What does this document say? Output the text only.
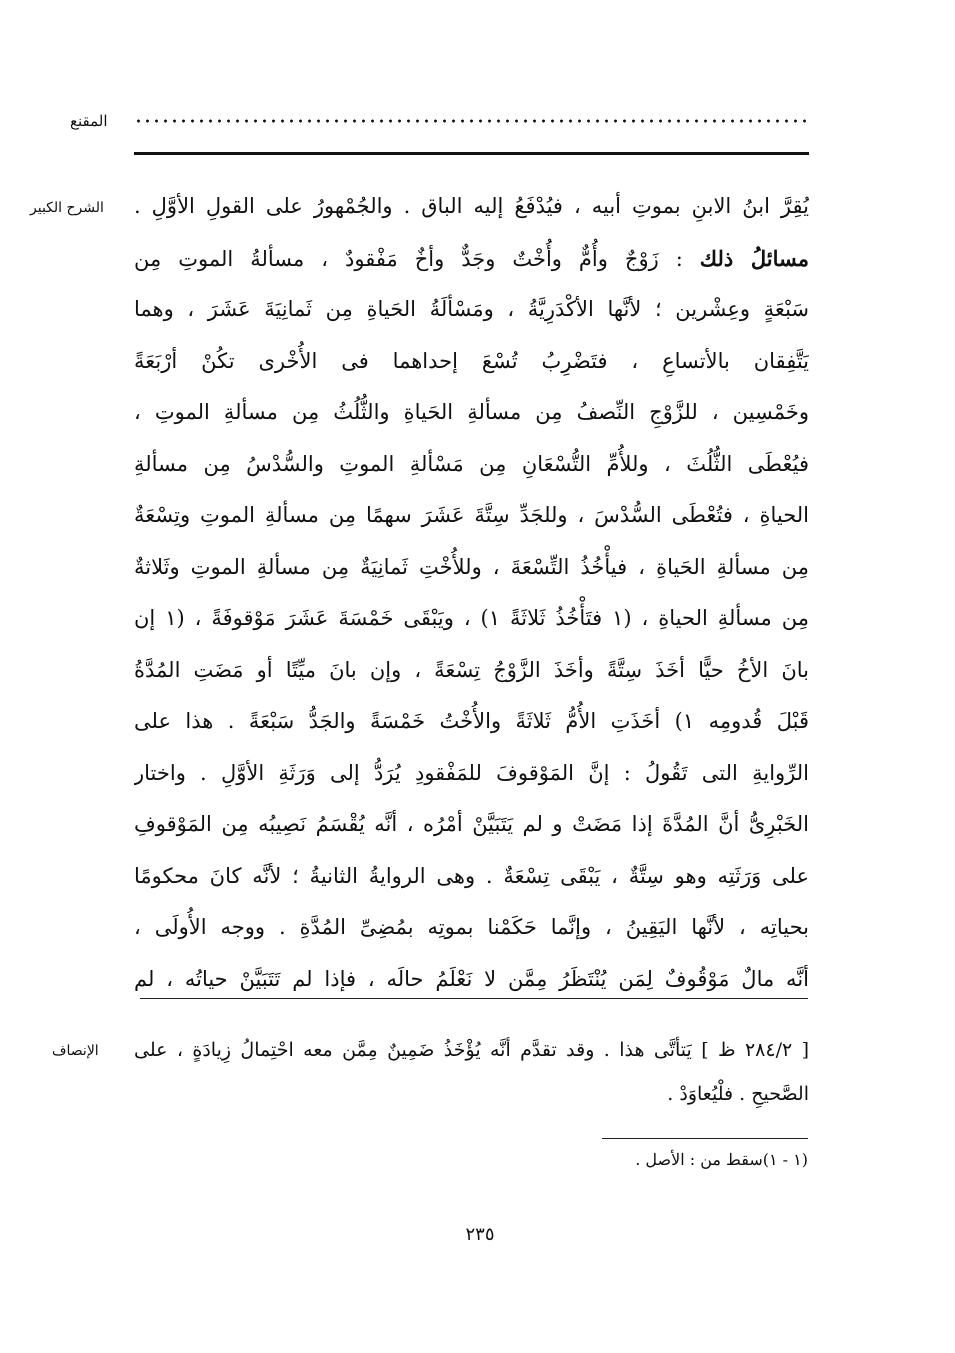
المقنع
الشرح الكبير يُقِرَّ ابنُ الابنِ بموتِ أبيه ، فيُدْفَعُ إليه الباق . والجُمْهورُ على القولِ الأوَّلِ .
مسائلُ ذلك : زَوْجٌ وأُمٌّ وأُخْتٌ وجَدٌّ وأخٌ مَفْقودٌ ، مسألةُ الموتِ مِن
سَبْعَةٍ وعِشْرين ؛ لأنَّها الأكْدَرِيَّةُ ، ومَسْألَةُ الحَياةِ مِن ثَمانِيَةَ عَشَرَ ، وهما
يَتَّفِقان بالأتساعِ ، فتَضْرِبُ تُسْعَ إحداهما فى الأُخْرى تكُنْ أرْبَعَةً
وخَمْسِين ، للزَّوْجِ النِّصفُ مِن مسألةِ الحَياةِ والثُّلُثُ مِن مسألةِ الموتِ ،
فيُعْطَى الثُّلُثَ ، وللأُمِّ التُّسْعَانِ مِن مَسْألةِ الموتِ والسُّدْسُ مِن مسألةِ
الحياةِ ، فتُعْطَى السُّدْسَ ، وللجَدِّ سِتَّةَ عَشَرَ سهمًا مِن مسألةِ الموتِ وتِسْعَةٌ
مِن مسألةِ الحَياةِ ، فيأْخُذُ التِّسْعَةَ ، وللأُخْتِ ثَمانِيَةٌ مِن مسألةِ الموتِ وثَلاثةٌ
مِن مسألةِ الحياةِ ، (١ فتَأْخُذُ ثَلاثَةً ١) ، ويَبْقَى خَمْسَةَ عَشَرَ مَوْقوفَةً ، (١ إن
بانَ الأخُ حيًّا أخَذَ سِتَّةً وأخَذَ الزَّوْجُ تِسْعَةً ، وإن بانَ ميِّتًا أو مَضَتِ المُدَّةُ
قَبْلَ قُدومِه ١) أخَذَتِ الأُمُّ ثَلاثَةً والأُخْتُ خَمْسَةً والجَدُّ سَبْعَةً . هذا على
الرِّوايةِ التى تَقُولُ : إنَّ المَوْقوفَ للمَفْقودِ يُرَدُّ إلى وَرَثَةِ الأوَّلِ . واختار
الخَبْرِىُّ أنَّ المُدَّةَ إذا مَضَتْ و لم يَتَبَيَّنْ أمْرُه ، أنَّه يُقْسَمُ نَصِيبُه مِن المَوْقوفِ
على وَرَثَتِه وهو سِتَّةٌ ، يَبْقَى تِسْعَةٌ . وهى الروايةُ الثانيةُ ؛ لأنَّه كانَ محكومًا
بحياتِه ، لأنَّها اليَقِينُ ، وإنَّما حَكَمْنا بموتِه بمُضِىِّ المُدَّةِ . ووجه الأُولَى ،
أنَّه مالٌ مَوْقُوفٌ لِمَن يُنْتَظَرُ مِمَّن لا نَعْلَمُ حالَه ، فإذا لم تَتَبَيَّنْ حياتُه ، لم
الإنصاف [ ٢٨٤/٢ ظ ] يَتأتَّى هذا . وقد تقدَّم أنَّه يُؤْخَذُ ضَمِينٌ مِمَّن معه احْتِمالُ زِيادَةٍ ، على
الصَّحيحِ . فلْيُعاوَدْ .
(١ - ١)سقط من : الأصل .
٢٣٥
